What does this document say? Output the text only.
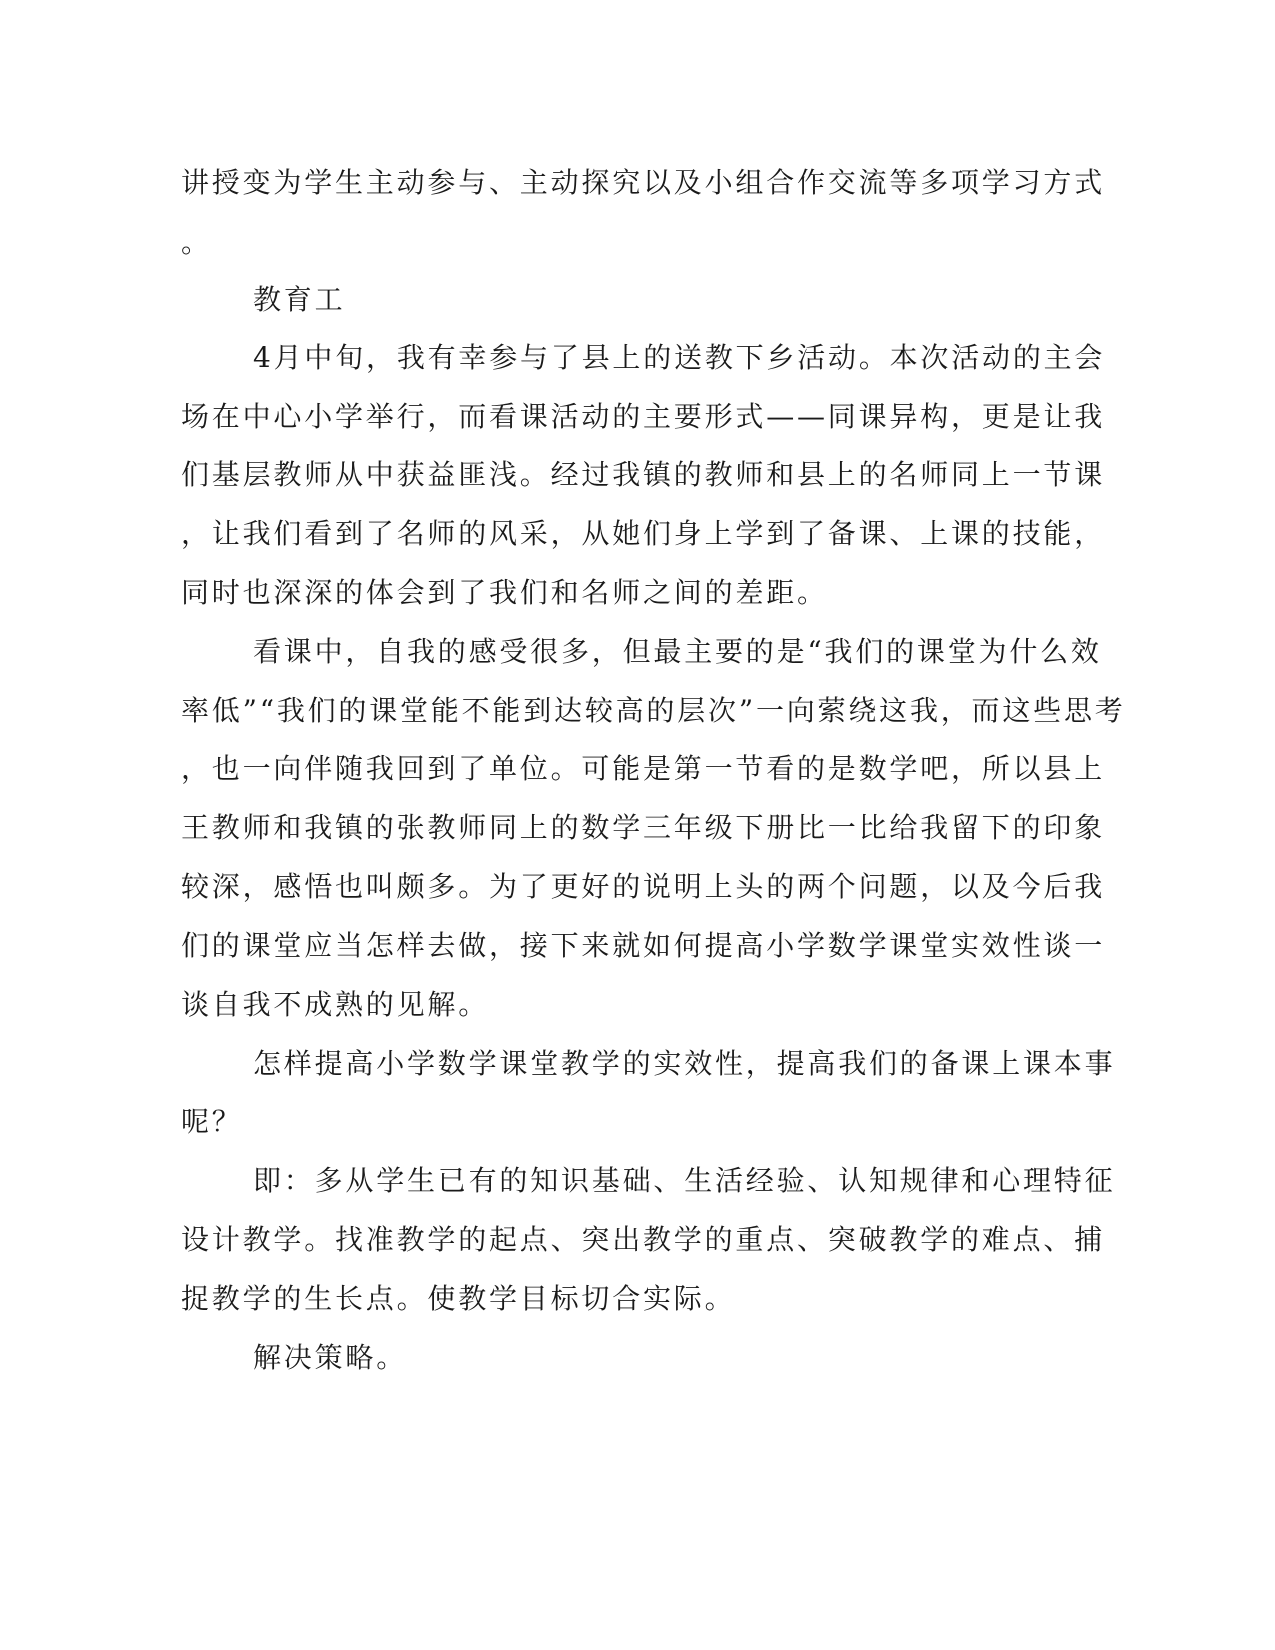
讲授变为学生主动参与、主动探究以及小组合作交流等多项学习方式
。
教育工
4月中旬，我有幸参与了县上的送教下乡活动。本次活动的主会
场在中心小学举行，而看课活动的主要形式——同课异构，更是让我
们基层教师从中获益匪浅。经过我镇的教师和县上的名师同上一节课
，让我们看到了名师的风采，从她们身上学到了备课、上课的技能，
同时也深深的体会到了我们和名师之间的差距。
看课中，自我的感受很多，但最主要的是“我们的课堂为什么效
率低”“我们的课堂能不能到达较高的层次”一向萦绕这我，而这些思考
，也一向伴随我回到了单位。可能是第一节看的是数学吧，所以县上
王教师和我镇的张教师同上的数学三年级下册比一比给我留下的印象
较深，感悟也叫颇多。为了更好的说明上头的两个问题，以及今后我
们的课堂应当怎样去做，接下来就如何提高小学数学课堂实效性谈一
谈自我不成熟的见解。
怎样提高小学数学课堂教学的实效性，提高我们的备课上课本事
呢？
即：多从学生已有的知识基础、生活经验、认知规律和心理特征
设计教学。找准教学的起点、突出教学的重点、突破教学的难点、捕
捉教学的生长点。使教学目标切合实际。
解决策略。
